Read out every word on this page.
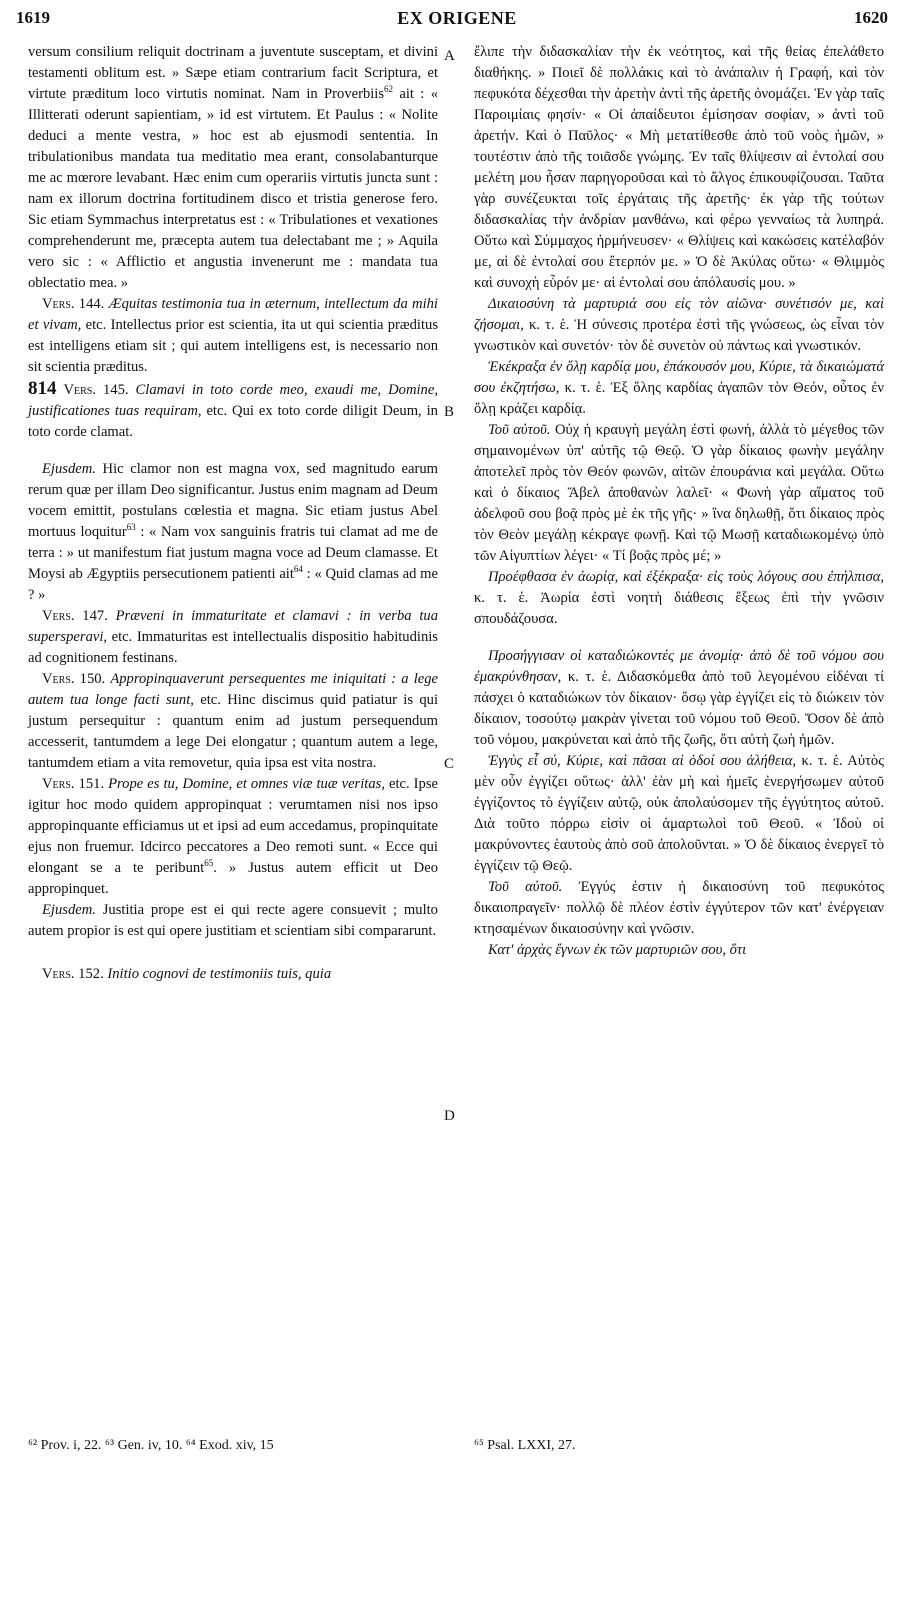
1619	EX ORIGENE	1620
A
B
C
D

versum consilium reliquit doctrinam a juventute susceptam, et divini testamenti oblitum est. » Sæpe etiam contrarium facit Scriptura, et virtute præditum loco virtutis nominat. Nam in Proverbiis$^{62}$ ait : « Illitterati oderunt sapientiam, » id est virtutem. Et Paulus : « Nolite deduci a mente vestra, » hoc est ab ejusmodi sententia. In tribulationibus mandata tua meditatio mea erant, consolabanturque me ac mœrore levabant. Hæc enim cum operariis virtutis juncta sunt : nam ex illorum doctrina fortitudinem disco et tristia generose fero. Sic etiam Symmachus interpretatus est : « Tribulationes et vexationes comprehenderunt me, præcepta autem tua delectabant me ; » Aquila vero sic : « Afflictio et angustia invenerunt me : mandata tua oblectatio mea. »

Vers. 144. Æquitas testimonia tua in æternum, intellectum da mihi et vivam, etc. Intellectus prior est scientia, ita ut qui scientia præditus est intelligens etiam sit ; qui autem intelligens est, is necessario non sit scientia præditus.

814 Vers. 145. Clamavi in toto corde meo, exaudi me, Domine, justificationes tuas requiram, etc. Qui ex toto corde diligit Deum, in toto corde clamat.

Ejusdem. Hic clamor non est magna vox, sed magnitudo earum rerum quæ per illam Deo significantur. Justus enim magnam ad Deum vocem emittit, postulans cœlestia et magna. Sic etiam justus Abel mortuus loquitur$^{63}$ : « Nam vox sanguinis fratris tui clamat ad me de terra : » ut manifestum fiat justum magna voce ad Deum clamasse. Et Moysi ab Ægyptiis persecutionem patienti ait$^{64}$ : « Quid clamas ad me ? »

Vers. 147. Præveni in immaturitate et clamavi : in verba tua supersperavi, etc. Immaturitas est intellectualis dispositio habitudinis ad cognitionem festinans.

Vers. 150. Appropinquaverunt persequentes me iniquitati : a lege autem tua longe facti sunt, etc. Hinc discimus quid patiatur is qui justum persequitur : quantum enim ad justum persequendum accesserit, tantumdem a lege Dei elongatur ; quantum autem a lege, tantumdem etiam a vita removetur, quia ipsa est vita nostra.

Vers. 151. Prope es tu, Domine, et omnes viæ tuæ veritas, etc. Ipse igitur hoc modo quidem appropinquat : verumtamen nisi nos ipso appropinquante efficiamus ut et ipsi ad eum accedamus, propinquitate ejus non fruemur. Idcirco peccatores a Deo remoti sunt. « Ecce qui elongant se a te peribunt$^{65}$. » Justus autem efficit ut Deo appropinquet.

Ejusdem. Justitia prope est ei qui recte agere consuevit ; multo autem propior is est qui opere justitiam et scientiam sibi compararunt.

Vers. 152. Initio cognovi de testimoniis tuis, quia

ἔλιπε τὴν διδασκαλίαν τὴν ἐκ νεότητος, καὶ τῆς θείας ἐπελάθετο διαθήκης. » Ποιεῖ δὲ πολλάκις καὶ τὸ ἀνάπαλιν ἡ Γραφή, καὶ τὸν πεφυκότα δέχεσθαι τὴν ἀρετὴν ἀντὶ τῆς ἀρετῆς ὀνομάζει. Ἐν γὰρ ταῖς Παροιμίαις φησίν· « Οἱ ἀπαίδευτοι ἐμίσησαν σοφίαν, » ἀντὶ τοῦ ἀρετήν. Καὶ ὁ Παῦλος· « Μὴ μετατίθεσθε ἀπὸ τοῦ νοὸς ἡμῶν, » τουτέστιν ἀπὸ τῆς τοιᾶσδε γνώμης. Ἐν ταῖς θλίψεσιν αἱ ἐντολαί σου μελέτη μου ἦσαν παρηγοροῦσαι καὶ τὸ ἄλγος ἐπικουφίζουσαι. Ταῦτα γὰρ συνέζευκται τοῖς ἐργάταις τῆς ἀρετῆς· ἐκ γὰρ τῆς τούτων διδασκαλίας τὴν ἀνδρίαν μανθάνω, καὶ φέρω γενναίως τὰ λυπηρά. Οὕτω καὶ Σύμμαχος ἡρμήνευσεν· « Θλίψεις καὶ κακώσεις κατέλαβόν με, αἱ δὲ ἐντολαί σου ἔτερπόν με. » Ὁ δὲ Ἀκύλας οὕτω· « Θλιμμὸς καὶ συνοχὴ εὗρόν με· αἱ ἐντολαί σου ἀπόλαυσίς μου. »

Δικαιοσύνη τὰ μαρτυριά σου εἰς τὸν αἰῶνα· συνέτισόν με, καὶ ζήσομαι, κ. τ. ἑ. Ἡ σύνεσις προτέρα ἐστὶ τῆς γνώσεως, ὡς εἶναι τὸν γνωστικὸν καὶ συνετόν· τὸν δὲ συνετὸν οὐ πάντως καὶ γνωστικόν.

Ἐκέκραξα ἐν ὅλῃ καρδίᾳ μου, ἐπάκουσόν μου, Κύριε, τὰ δικαιώματά σου ἐκζητήσω, κ. τ. ἑ. Ἐξ ὅλης καρδίας ἀγαπῶν τὸν Θεόν, οὗτος ἐν ὅλῃ κράζει καρδίᾳ.

Τοῦ αὐτοῦ. Οὐχ ἡ κραυγὴ μεγάλη ἐστὶ φωνή, ἀλλὰ τὸ μέγεθος τῶν σημαινομένων ὑπ' αὐτῆς τῷ Θεῷ. Ὁ γὰρ δίκαιος φωνὴν μεγάλην ἀποτελεῖ πρὸς τὸν Θεόν φωνῶν, αἰτῶν ἐπουράνια καὶ μεγάλα. Οὕτω καὶ ὁ δίκαιος Ἄβελ ἀποθανὼν λαλεῖ· « Φωνὴ γὰρ αἵματος τοῦ ἀδελφοῦ σου βοᾷ πρὸς μὲ ἐκ τῆς γῆς· » ἵνα δηλωθῇ, ὅτι δίκαιος πρὸς τὸν Θεὸν μεγάλῃ κέκραγε φωνῇ. Καὶ τῷ Μωσῇ καταδιωκομένῳ ὑπὸ τῶν Αἰγυπτίων λέγει· « Τί βοᾷς πρὸς μέ; »

Προέφθασα ἐν ἀωρίᾳ, καὶ ἐξέκραξα· εἰς τοὺς λόγους σου ἐπήλπισα, κ. τ. ἑ. Ἀωρία ἐστὶ νοητὴ διάθεσις ἕξεως ἐπὶ τὴν γνῶσιν σπουδάζουσα.

Προσήγγισαν οἱ καταδιώκοντές με ἀνομίᾳ· ἀπὸ δὲ τοῦ νόμου σου ἐμακρύνθησαν, κ. τ. ἑ. Διδασκόμεθα ἀπὸ τοῦ λεγομένου εἰδέναι τί πάσχει ὁ καταδιώκων τὸν δίκαιον· ὅσῳ γὰρ ἐγγίζει εἰς τὸ διώκειν τὸν δίκαιον, τοσούτῳ μακρὰν γίνεται τοῦ νόμου τοῦ Θεοῦ. Ὅσον δὲ ἀπὸ τοῦ νόμου, μακρύνεται καὶ ἀπὸ τῆς ζωῆς, ὅτι αὐτὴ ζωὴ ἡμῶν.

Ἐγγὺς εἶ σύ, Κύριε, καὶ πᾶσαι αἱ ὁδοί σου ἀλήθεια, κ. τ. ἑ. Αὐτὸς μὲν οὖν ἐγγίζει οὕτως· ἀλλ' ἐὰν μὴ καὶ ἡμεῖς ἐνεργήσωμεν αὐτοῦ ἐγγίζοντος τὸ ἐγγίζειν αὐτῷ, οὐκ ἀπολαύσομεν τῆς ἐγγύτητος αὐτοῦ. Διὰ τοῦτο πόρρω εἰσὶν οἱ ἁμαρτωλοὶ τοῦ Θεοῦ. « Ἰδοὺ οἱ μακρύνοντες ἑαυτοὺς ἀπὸ σοῦ ἀπολοῦνται. » Ὁ δὲ δίκαιος ἐνεργεῖ τὸ ἐγγίζειν τῷ Θεῷ.

Τοῦ αὐτοῦ. Ἐγγύς ἐστιν ἡ δικαιοσύνη τοῦ πεφυκότος δικαιοπραγεῖν· πολλῷ δὲ πλέον ἐστὶν ἐγγύτερον τῶν κατ' ἐνέργειαν κτησαμένων δικαιοσύνην καὶ γνῶσιν.

Κατ' ἀρχὰς ἔγνων ἐκ τῶν μαρτυριῶν σου, ὅτι

⁶² Prov. i, 22. ⁶³ Gen. iv, 10. ⁶⁴ Exod. xiv, 15	⁶⁵ Psal. LXXI, 27.
